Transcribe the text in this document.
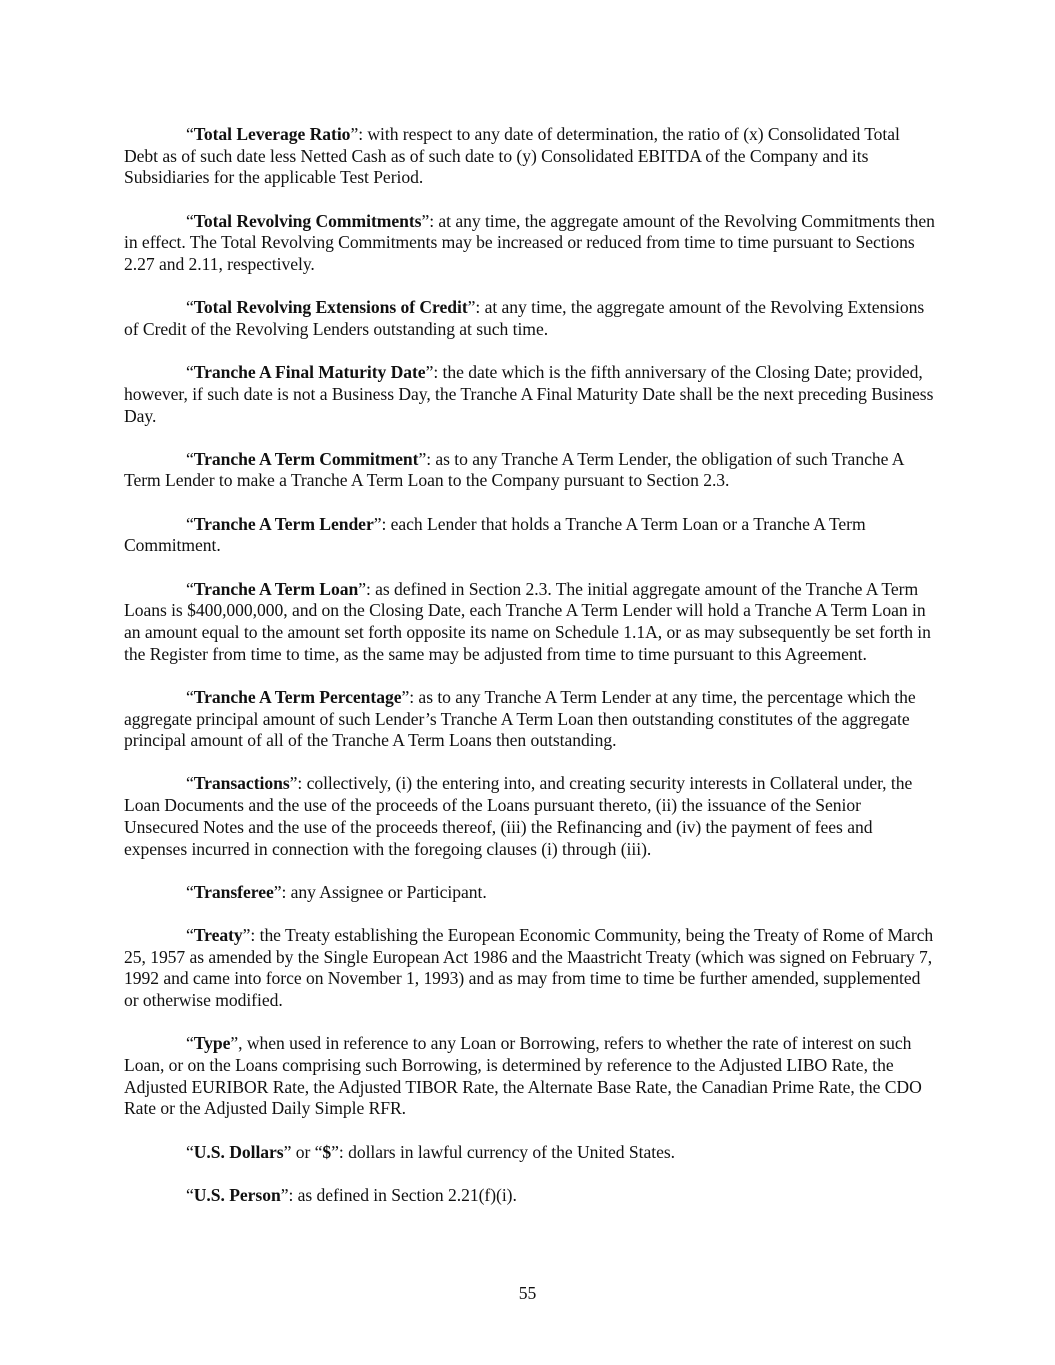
“Total Leverage Ratio”: with respect to any date of determination, the ratio of (x) Consolidated Total Debt as of such date less Netted Cash as of such date to (y) Consolidated EBITDA of the Company and its Subsidiaries for the applicable Test Period.

“Total Revolving Commitments”: at any time, the aggregate amount of the Revolving Commitments then in effect. The Total Revolving Commitments may be increased or reduced from time to time pursuant to Sections 2.27 and 2.11, respectively.

“Total Revolving Extensions of Credit”: at any time, the aggregate amount of the Revolving Extensions of Credit of the Revolving Lenders outstanding at such time.

“Tranche A Final Maturity Date”: the date which is the fifth anniversary of the Closing Date; provided, however, if such date is not a Business Day, the Tranche A Final Maturity Date shall be the next preceding Business Day.

“Tranche A Term Commitment”: as to any Tranche A Term Lender, the obligation of such Tranche A Term Lender to make a Tranche A Term Loan to the Company pursuant to Section 2.3.

“Tranche A Term Lender”: each Lender that holds a Tranche A Term Loan or a Tranche A Term Commitment.

“Tranche A Term Loan”: as defined in Section 2.3. The initial aggregate amount of the Tranche A Term Loans is $400,000,000, and on the Closing Date, each Tranche A Term Lender will hold a Tranche A Term Loan in an amount equal to the amount set forth opposite its name on Schedule 1.1A, or as may subsequently be set forth in the Register from time to time, as the same may be adjusted from time to time pursuant to this Agreement.

“Tranche A Term Percentage”: as to any Tranche A Term Lender at any time, the percentage which the aggregate principal amount of such Lender’s Tranche A Term Loan then outstanding constitutes of the aggregate principal amount of all of the Tranche A Term Loans then outstanding.

“Transactions”: collectively, (i) the entering into, and creating security interests in Collateral under, the Loan Documents and the use of the proceeds of the Loans pursuant thereto, (ii) the issuance of the Senior Unsecured Notes and the use of the proceeds thereof, (iii) the Refinancing and (iv) the payment of fees and expenses incurred in connection with the foregoing clauses (i) through (iii).

“Transferee”: any Assignee or Participant.

“Treaty”: the Treaty establishing the European Economic Community, being the Treaty of Rome of March 25, 1957 as amended by the Single European Act 1986 and the Maastricht Treaty (which was signed on February 7, 1992 and came into force on November 1, 1993) and as may from time to time be further amended, supplemented or otherwise modified.

“Type”, when used in reference to any Loan or Borrowing, refers to whether the rate of interest on such Loan, or on the Loans comprising such Borrowing, is determined by reference to the Adjusted LIBO Rate, the Adjusted EURIBOR Rate, the Adjusted TIBOR Rate, the Alternate Base Rate, the Canadian Prime Rate, the CDO Rate or the Adjusted Daily Simple RFR.

“U.S. Dollars” or “$”: dollars in lawful currency of the United States.

“U.S. Person”: as defined in Section 2.21(f)(i).

55
